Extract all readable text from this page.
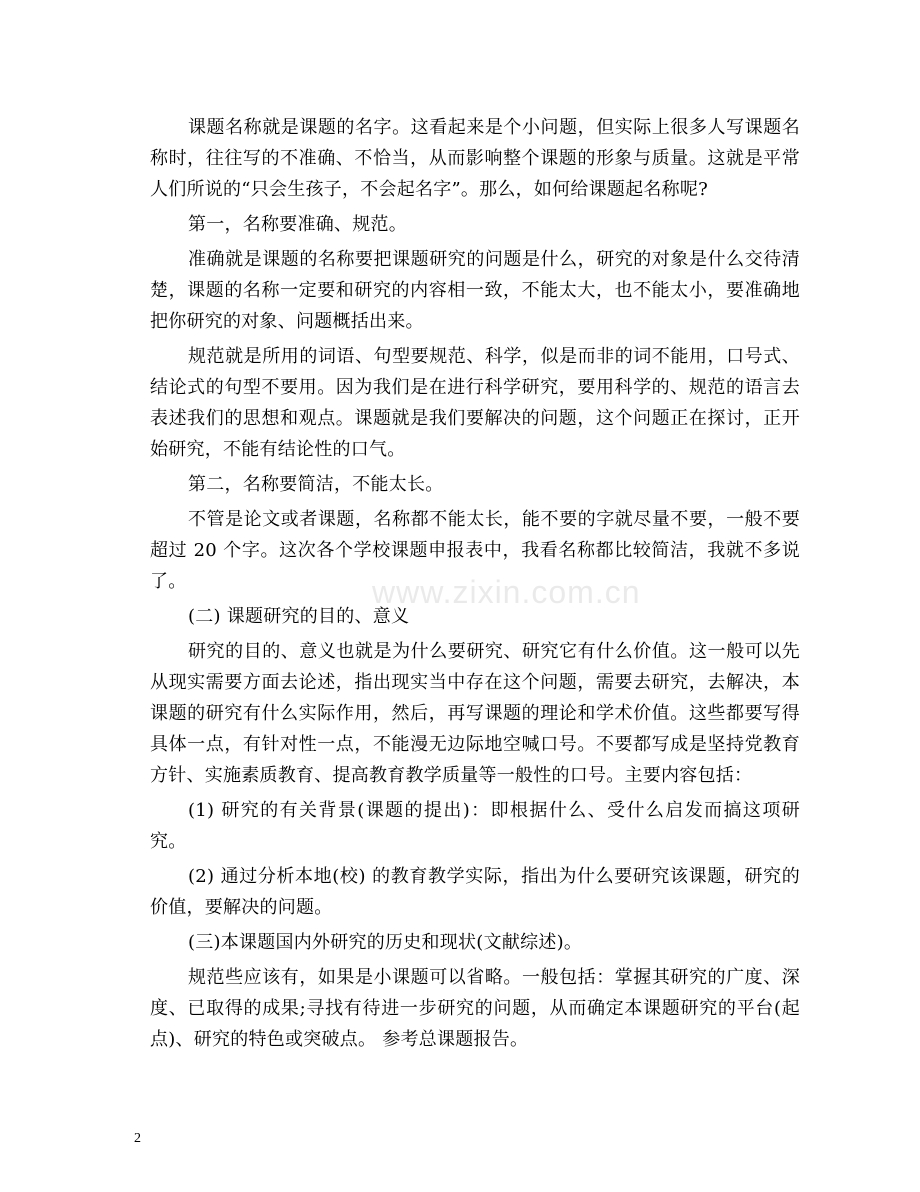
课题名称就是课题的名字。这看起来是个小问题，但实际上很多人写课题名称时，往往写的不准确、不恰当，从而影响整个课题的形象与质量。这就是平常人们所说的“只会生孩子，不会起名字”。那么，如何给课题起名称呢?

第一，名称要准确、规范。

准确就是课题的名称要把课题研究的问题是什么，研究的对象是什么交待清楚，课题的名称一定要和研究的内容相一致，不能太大，也不能太小，要准确地把你研究的对象、问题概括出来。

规范就是所用的词语、句型要规范、科学，似是而非的词不能用，口号式、结论式的句型不要用。因为我们是在进行科学研究，要用科学的、规范的语言去表述我们的思想和观点。课题就是我们要解决的问题，这个问题正在探讨，正开始研究，不能有结论性的口气。

第二，名称要简洁，不能太长。

不管是论文或者课题，名称都不能太长，能不要的字就尽量不要，一般不要超过 20 个字。这次各个学校课题申报表中，我看名称都比较简洁，我就不多说了。

(二) 课题研究的目的、意义

研究的目的、意义也就是为什么要研究、研究它有什么价值。这一般可以先从现实需要方面去论述，指出现实当中存在这个问题，需要去研究，去解决，本课题的研究有什么实际作用，然后，再写课题的理论和学术价值。这些都要写得具体一点，有针对性一点，不能漫无边际地空喊口号。不要都写成是坚持党教育方针、实施素质教育、提高教育教学质量等一般性的口号。主要内容包括：

(1) 研究的有关背景(课题的提出)：即根据什么、受什么启发而搞这项研究。

(2) 通过分析本地(校) 的教育教学实际，指出为什么要研究该课题，研究的价值，要解决的问题。

(三)本课题国内外研究的历史和现状(文献综述)。

规范些应该有，如果是小课题可以省略。一般包括：掌握其研究的广度、深度、已取得的成果;寻找有待进一步研究的问题，从而确定本课题研究的平台(起点)、研究的特色或突破点。 参考总课题报告。

www.zixin.com.cn
2
